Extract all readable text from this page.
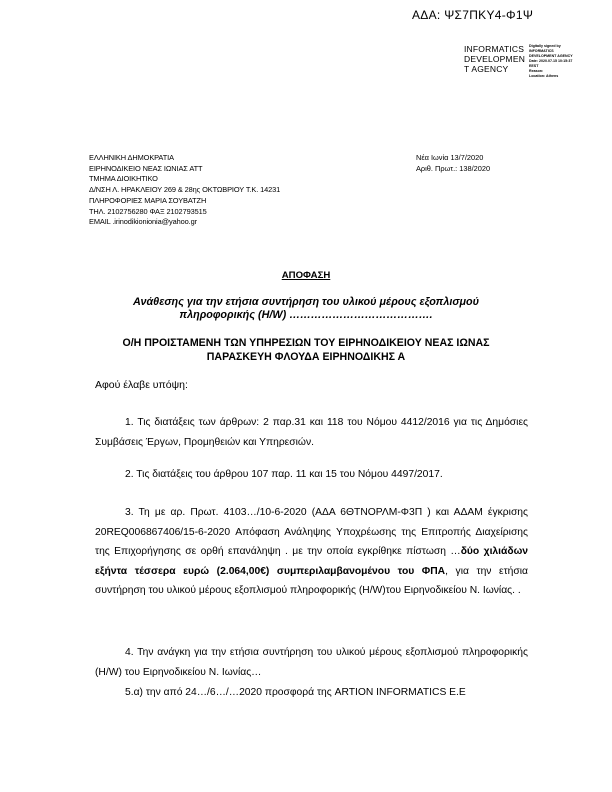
ΑΔΑ: ΨΣ7ΠΚΥ4-Φ1Ψ
INFORMATICS
DEVELOPMEN
T AGENCY
Digitally signed by
INFORMATICS
DEVELOPMENT AGENCY
Date: 2020.07.15 10:15:37
EEST
Reason:
Location: Athens
ΕΛΛΗΝΙΚΗ ΔΗΜΟΚΡΑΤΙΑ
ΕΙΡΗΝΟΔΙΚΕΙΟ ΝΕΑΣ ΙΩΝΙΑΣ ΑΤΤ
ΤΜΗΜΑ ΔΙΟΙΚΗΤΙΚΟ
Δ/ΝΣΗ Λ. ΗΡΑΚΛΕΙΟΥ 269 & 28ης ΟΚΤΩΒΡΙΟΥ Τ.Κ. 14231
ΠΛΗΡΟΦΟΡΙΕΣ ΜΑΡΙΑ ΣΟΥΒΑΤΖΗ
ΤΗΛ. 2102756280 ΦΑΞ 2102793515
EMAIL .irinodikionionia@yahoo.gr
Νέα Ιωνία 13/7/2020
Αριθ. Πρωτ.: 138/2020
ΑΠΟΦΑΣΗ
Ανάθεσης για την ετήσια συντήρηση του υλικού μέρους εξοπλισμού
πληροφορικής (H/W) ………………………………….
Ο/Η ΠΡΟΙΣΤΑΜΕΝΗ ΤΩΝ ΥΠΗΡΕΣΙΩΝ ΤΟΥ ΕΙΡΗΝΟΔΙΚΕΙΟΥ ΝΕΑΣ ΙΩΝΑΣ
ΠΑΡΑΣΚΕΥΗ ΦΛΟΥΔΑ ΕΙΡΗΝΟΔΙΚΗΣ Α
Αφού έλαβε υπόψη:
1. Τις διατάξεις των άρθρων: 2 παρ.31 και 118 του Νόμου 4412/2016 για τις Δημόσιες Συμβάσεις Έργων, Προμηθειών και Υπηρεσιών.
2. Τις διατάξεις του άρθρου 107 παρ. 11 και 15 του Νόμου 4497/2017.
3. Τη με αρ. Πρωτ. 4103…/10-6-2020 (ΑΔΑ 6ΘΤΝΟΡΛΜ-Φ3Π ) και ΑΔΑΜ έγκρισης 20REQ006867406/15-6-2020 Απόφαση Ανάληψης Υποχρέωσης της Επιτροπής Διαχείρισης της Επιχορήγησης σε ορθή επανάληψη . με την οποία εγκρίθηκε πίστωση …δύο χιλιάδων εξήντα τέσσερα ευρώ (2.064,00€) συμπεριλαμβανομένου του ΦΠΑ, για την ετήσια συντήρηση του υλικού μέρους εξοπλισμού πληροφορικής (H/W)του Ειρηνοδικείου Ν. Ιωνίας. .
4. Την ανάγκη για την ετήσια συντήρηση του υλικού μέρους εξοπλισμού πληροφορικής (H/W) του Ειρηνοδικείου Ν. Ιωνίας…
5.α) την από 24…/6…/…2020 προσφορά της ARTION INFORMATICS E.E
